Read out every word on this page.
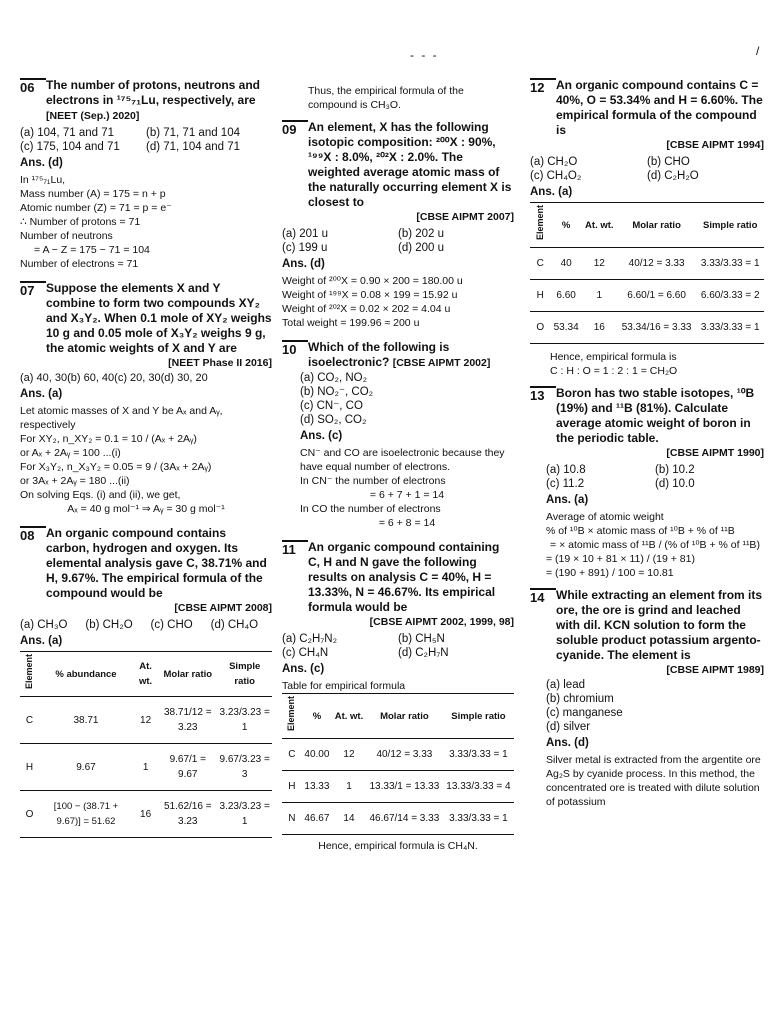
- - -	/
06 The number of protons, neutrons and electrons in ¹⁷⁵₇₁Lu, respectively, are [NEET (Sep.) 2020]
(a) 104, 71 and 71	(b) 71, 71 and 104
(c) 175, 104 and 71	(d) 71, 104 and 71
Ans. (d)

In ¹⁷⁵₇₁Lu,

Mass number (A) = 175 = n + p

Atomic number (Z) = 71 = p = e⁻

∴ Number of protons = 71

Number of neutrons

= A − Z = 175 − 71 = 104

Number of electrons = 71

07 Suppose the elements X and Y combine to form two compounds XY₂ and X₃Y₂. When 0.1 mole of XY₂ weighs 10 g and 0.05 mole of X₃Y₂ weighs 9 g, the atomic weights of X and Y are
[NEET Phase II 2016]
(a) 40, 30(b) 60, 40(c) 20, 30(d) 30, 20
Ans. (a)

Let atomic masses of X and Y be Aₓ and Aᵧ, respectively

For XY₂, n_XY₂ = 0.1 = 10 / (Aₓ + 2Aᵧ)

or Aₓ + 2Aᵧ = 100 ...(i)

For X₃Y₂, n_X₃Y₂ = 0.05 = 9 / (3Aₓ + 2Aᵧ)

or 3Aₓ + 2Aᵧ = 180 ...(ii)

On solving Eqs. (i) and (ii), we get,

Aₓ = 40 g mol⁻¹ ⇒ Aᵧ = 30 g mol⁻¹

08 An organic compound contains carbon, hydrogen and oxygen. Its elemental analysis gave C, 38.71% and H, 9.67%. The empirical formula of the compound would be
[CBSE AIPMT 2008]
(a) CH₃O	(b) CH₂O	(c) CHO	(d) CH₄O
Ans. (a)
Element	% abundance	At. wt.	Molar ratio	Simple ratio
C	38.71	12	38.71/12 = 3.23	3.23/3.23 = 1
H	9.67	1	9.67/1 = 9.67	9.67/3.23 = 3
O	[100 − (38.71 + 9.67)] = 51.62	16	51.62/16 = 3.23	3.23/3.23 = 1

Thus, the empirical formula of the

compound is CH₃O.

09 An element, X has the following isotopic composition: ²⁰⁰X : 90%, ¹⁹⁹X : 8.0%, ²⁰²X : 2.0%. The weighted average atomic mass of the naturally occurring element X is closest to
[CBSE AIPMT 2007]
(a) 201 u	(b) 202 u
(c) 199 u	(d) 200 u
Ans. (d)

Weight of ²⁰⁰X = 0.90 × 200 = 180.00 u

Weight of ¹⁹⁹X = 0.08 × 199 = 15.92 u

Weight of ²⁰²X = 0.02 × 202 = 4.04 u

Total weight = 199.96 ≈ 200 u

10 Which of the following is isoelectronic? [CBSE AIPMT 2002]

(a) CO₂, NO₂

(b) NO₂⁻, CO₂

(c) CN⁻, CO

(d) SO₂, CO₂

Ans. (c)

CN⁻ and CO are isoelectronic because they have equal number of electrons.

In CN⁻ the number of electrons

= 6 + 7 + 1 = 14

In CO the number of electrons

= 6 + 8 = 14

11	An organic compound containing C, H and N gave the following results on analysis C = 40%, H = 13.33%, N = 46.67%. Its empirical formula would be
[CBSE AIPMT 2002, 1999, 98]
(a) C₂H₇N₂	(b) CH₅N
(c) CH₄N	(d) C₂H₇N
Ans. (c)
Table for empirical formula
Element	%	At. wt.	Molar ratio	Simple ratio
C	40.00	12	40/12 = 3.33	3.33/3.33 = 1
H	13.33	1	13.33/1 = 13.33	13.33/3.33 = 4
N	46.67	14	46.67/14 = 3.33	3.33/3.33 = 1
Hence, empirical formula is CH₄N.
12 An organic compound contains C = 40%, O = 53.34% and H = 6.60%. The empirical formula of the compound is
[CBSE AIPMT 1994]
(a) CH₂O	(b) CHO
(c) CH₄O₂	(d) C₂H₂O
Ans. (a)
Element	%	At. wt.	Molar ratio	Simple ratio
C	40	12	40/12 = 3.33	3.33/3.33 = 1
H	6.60	1	6.60/1 = 6.60	6.60/3.33 = 2
O	53.34	16	53.34/16 = 3.33	3.33/3.33 = 1

Hence, empirical formula is

C : H : O = 1 : 2 : 1 = CH₂O

13 Boron has two stable isotopes, ¹⁰B (19%) and ¹¹B (81%). Calculate average atomic weight of boron in the periodic table.
[CBSE AIPMT 1990]
(a) 10.8	(b) 10.2
(c) 11.2	(d) 10.0
Ans. (a)

Average of atomic weight

% of ¹⁰B × atomic mass of ¹⁰B + % of ¹¹B

= × atomic mass of ¹¹B / (% of ¹⁰B + % of ¹¹B)

= (19 × 10 + 81 × 11) / (19 + 81)

= (190 + 891) / 100 = 10.81

14 While extracting an element from its ore, the ore is grind and leached with dil. KCN solution to form the soluble product potassium argento-cyanide. The element is
[CBSE AIPMT 1989]

(a) lead

(b) chromium

(c) manganese

(d) silver

Ans. (d)
Silver metal is extracted from the argentite ore Ag₂S by cyanide process. In this method, the concentrated ore is treated with dilute solution of potassium
